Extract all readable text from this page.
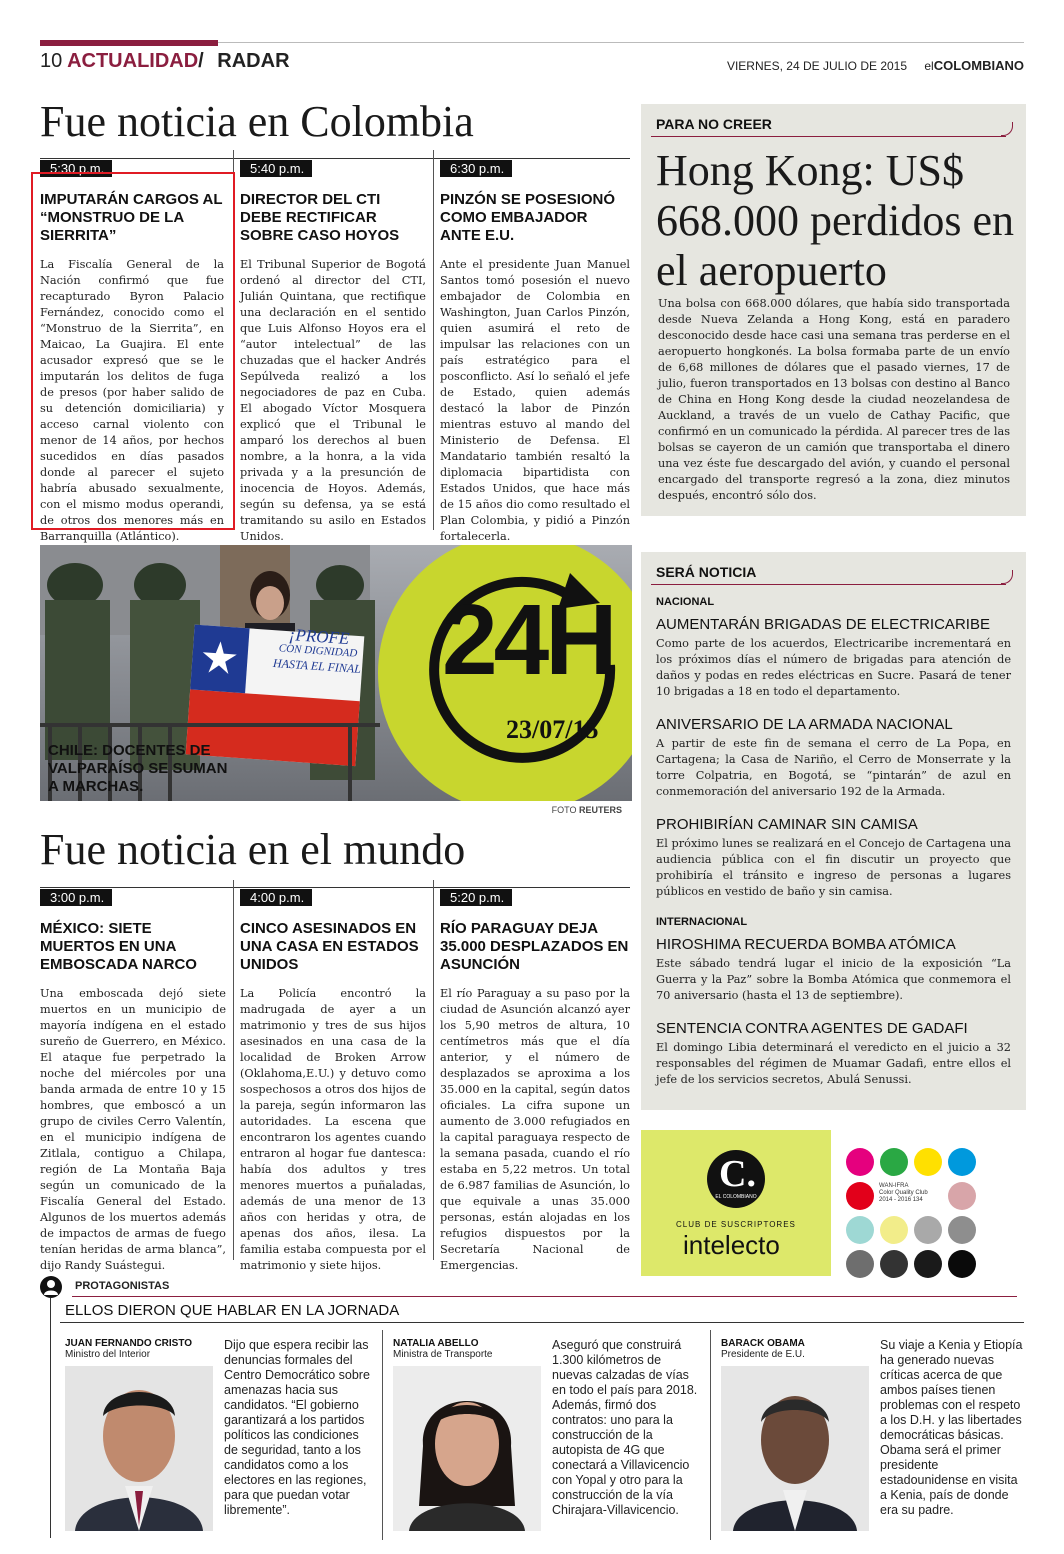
10 ACTUALIDAD/ RADAR	VIERNES, 24 DE JULIO DE 2015 elCOLOMBIANO
Fue noticia en Colombia
5:30 p.m.
IMPUTARÁN CARGOS AL “MONSTRUO DE LA SIERRITA”
La Fiscalía General de la Nación confirmó que fue recapturado Byron Palacio Fernández, conocido como el “Monstruo de la Sierrita”, en Maicao, La Guajira. El ente acusador expresó que se le imputarán los delitos de fuga de presos (por haber salido de su detención domiciliaria) y acceso carnal violento con menor de 14 años, por hechos sucedidos en días pasados donde al parecer el sujeto habría abusado sexualmente, con el mismo modus operandi, de otros dos menores más en Barranquilla (Atlántico).
5:40 p.m.
DIRECTOR DEL CTI DEBE RECTIFICAR SOBRE CASO HOYOS
El Tribunal Superior de Bogotá ordenó al director del CTI, Julián Quintana, que rectifique una declaración en el sentido que Luis Alfonso Hoyos era el “autor intelectual” de las chuzadas que el hacker Andrés Sepúlveda realizó a los negociadores de paz en Cuba. El abogado Víctor Mosquera explicó que el Tribunal le amparó los derechos al buen nombre, a la honra, a la vida privada y a la presunción de inocencia de Hoyos. Además, según su defensa, ya se está tramitando su asilo en Estados Unidos.
6:30 p.m.
PINZÓN SE POSESIONÓ COMO EMBAJADOR ANTE E.U.
Ante el presidente Juan Manuel Santos tomó posesión el nuevo embajador de Colombia en Washington, Juan Carlos Pinzón, quien asumirá el reto de impulsar las relaciones con un país estratégico para el posconflicto. Así lo señaló el jefe de Estado, quien además destacó la labor de Pinzón mientras estuvo al mando del Ministerio de Defensa. El Mandatario también resaltó la diplomacia bipartidista con Estados Unidos, que hace más de 15 años dio como resultado el Plan Colombia, y pidió a Pinzón fortalecerla.
PARA NO CREER
Hong Kong: US$ 668.000 perdidos en el aeropuerto
Una bolsa con 668.000 dólares, que había sido transportada desde Nueva Zelanda a Hong Kong, está en paradero desconocido desde hace casi una semana tras perderse en el aeropuerto hongkonés. La bolsa formaba parte de un envío de 6,68 millones de dólares que el pasado viernes, 17 de julio, fueron transportados en 13 bolsas con destino al Banco de China en Hong Kong desde la ciudad neozelandesa de Auckland, a través de un vuelo de Cathay Pacific, que confirmó en un comunicado la pérdida. Al parecer tres de las bolsas se cayeron de un camión que transportaba el dinero una vez éste fue descargado del avión, y cuando el personal encargado del transporte regresó a la zona, diez minutos después, encontró sólo dos.
¡PROFE
CON DIGNIDAD
HASTA EL FINAL 24H
23/07/15
CHILE: DOCENTES DE VALPARAÍSO SE SUMAN A MARCHAS.
FOTO REUTERS
SERÁ NOTICIA
NACIONAL
AUMENTARÁN BRIGADAS DE ELECTRICARIBE
Como parte de los acuerdos, Electricaribe incrementará en los próximos días el número de brigadas para atención de daños y podas en redes eléctricas en Sucre. Pasará de tener 10 brigadas a 18 en todo el departamento.
ANIVERSARIO DE LA ARMADA NACIONAL
A partir de este fin de semana el cerro de La Popa, en Cartagena; la Casa de Nariño, el Cerro de Monserrate y la torre Colpatria, en Bogotá, se “pintarán” de azul en conmemoración del aniversario 192 de la Armada.
PROHIBIRÍAN CAMINAR SIN CAMISA
El próximo lunes se realizará en el Concejo de Cartagena una audiencia pública con el fin discutir un proyecto que prohibiría el tránsito e ingreso de personas a lugares públicos en vestido de baño y sin camisa.
INTERNACIONAL
HIROSHIMA RECUERDA BOMBA ATÓMICA
Este sábado tendrá lugar el inicio de la exposición “La Guerra y la Paz” sobre la Bomba Atómica que conmemora el 70 aniversario (hasta el 13 de septiembre).
SENTENCIA CONTRA AGENTES DE GADAFI
El domingo Libia determinará el veredicto en el juicio a 32 responsables del régimen de Muamar Gadafi, entre ellos el jefe de los servicios secretos, Abulá Senussi.
Fue noticia en el mundo
3:00 p.m.
MÉXICO: SIETE MUERTOS EN UNA EMBOSCADA NARCO
Una emboscada dejó siete muertos en un municipio de mayoría indígena en el estado sureño de Guerrero, en México. El ataque fue perpetrado la noche del miércoles por una banda armada de entre 10 y 15 hombres, que emboscó a un grupo de civiles Cerro Valentín, en el municipio indígena de Zitlala, contiguo a Chilapa, región de La Montaña Baja según un comunicado de la Fiscalía General del Estado. Algunos de los muertos además de impactos de armas de fuego tenían heridas de arma blanca”, dijo Randy Suástegui.
4:00 p.m.
CINCO ASESINADOS EN UNA CASA EN ESTADOS UNIDOS
La Policía encontró la madrugada de ayer a un matrimonio y tres de sus hijos asesinados en una casa de la localidad de Broken Arrow (Oklahoma,E.U.) y detuvo como sospechosos a otros dos hijos de la pareja, según informaron las autoridades. La escena que encontraron los agentes cuando entraron al hogar fue dantesca: había dos adultos y tres menores muertos a puñaladas, además de una menor de 13 años con heridas y otra, de apenas dos años, ilesa. La familia estaba compuesta por el matrimonio y siete hijos.
5:20 p.m.
RÍO PARAGUAY DEJA 35.000 DESPLAZADOS EN ASUNCIÓN
El río Paraguay a su paso por la ciudad de Asunción alcanzó ayer los 5,90 metros de altura, 10 centímetros más que el día anterior, y el número de desplazados se aproxima a los 35.000 en la capital, según datos oficiales. La cifra supone un aumento de 3.000 refugiados en la capital paraguaya respecto de la semana pasada, cuando el río estaba en 5,22 metros. Un total de 6.987 familias de Asunción, lo que equivale a unas 35.000 personas, están alojadas en los refugios dispuestos por la Secretaría Nacional de Emergencias.
C.
EL COLOMBIANO
CLUB DE SUSCRIPTORES
intelecto
WAN-IFRA
Color Quality Club
2014 - 2016 134
PROTAGONISTAS
ELLOS DIERON QUE HABLAR EN LA JORNADA
JUAN FERNANDO CRISTO
Ministro del Interior
Dijo que espera recibir las denuncias formales del Centro Democrático sobre amenazas hacia sus candidatos. “El gobierno garantizará a los partidos políticos las condiciones de seguridad, tanto a los candidatos como a los electores en las regiones, para que puedan votar libremente”.
NATALIA ABELLO
Ministra de Transporte
Aseguró que construirá 1.300 kilómetros de nuevas calzadas de vías en todo el país para 2018. Además, firmó dos contratos: uno para la construcción de la autopista de 4G que conectará a Villavicencio con Yopal y otro para la construcción de la vía Chirajara-Villavicencio.
BARACK OBAMA
Presidente de E.U.
Su viaje a Kenia y Etiopía ha generado nuevas críticas acerca de que ambos países tienen problemas con el respeto a los D.H. y las libertades democráticas básicas. Obama será el primer presidente estadounidense en visita a Kenia, país de donde era su padre.
